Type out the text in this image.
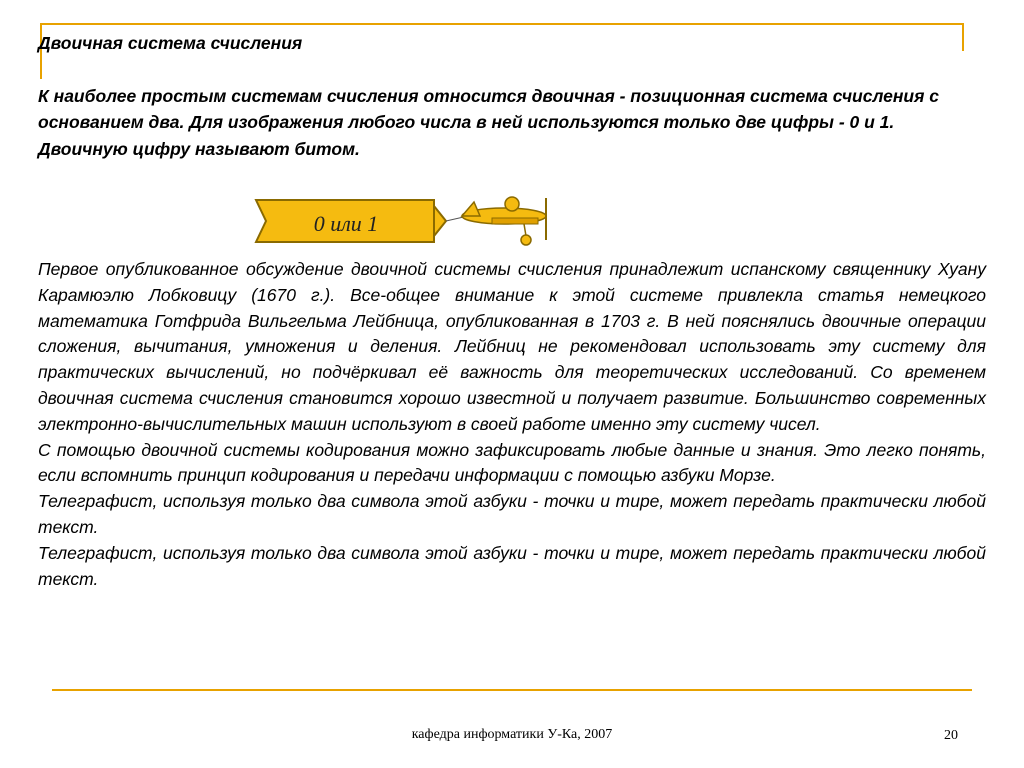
Двоичная система счисления

К наиболее простым системам счисления относится двоичная - позиционная система счисления с основанием два. Для изображения любого числа в ней используются только две цифры - 0 и 1.

Двоичную цифру называют битом.

0 или 1

Первое опубликованное обсуждение двоичной системы счисления принадлежит испанскому священнику Хуану Карамюэлю Лобковицу (1670 г.). Все-общее внимание к этой системе привлекла статья немецкого математика Готфрида Вильгельма Лейбница, опубликованная в 1703 г. В ней пояснялись двоичные операции сложения, вычитания, умножения и деления. Лейбниц не рекомендовал использовать эту систему для практических вычислений, но подчёркивал её важность для теоретических исследований. Со временем двоичная система счисления становится хорошо известной и получает развитие. Большинство современных электронно-вычислительных машин используют в своей работе именно эту систему чисел.

С помощью двоичной системы кодирования можно зафиксировать любые данные и знания. Это легко понять, если вспомнить принцип кодирования и передачи информации с помощью азбуки Морзе.

Телеграфист, используя только два символа этой азбуки - точки и тире, может передать практически любой текст.

Телеграфист, используя только два символа этой азбуки - точки и тире, может передать практически любой текст.

кафедра информатики У-Ка, 2007	20
